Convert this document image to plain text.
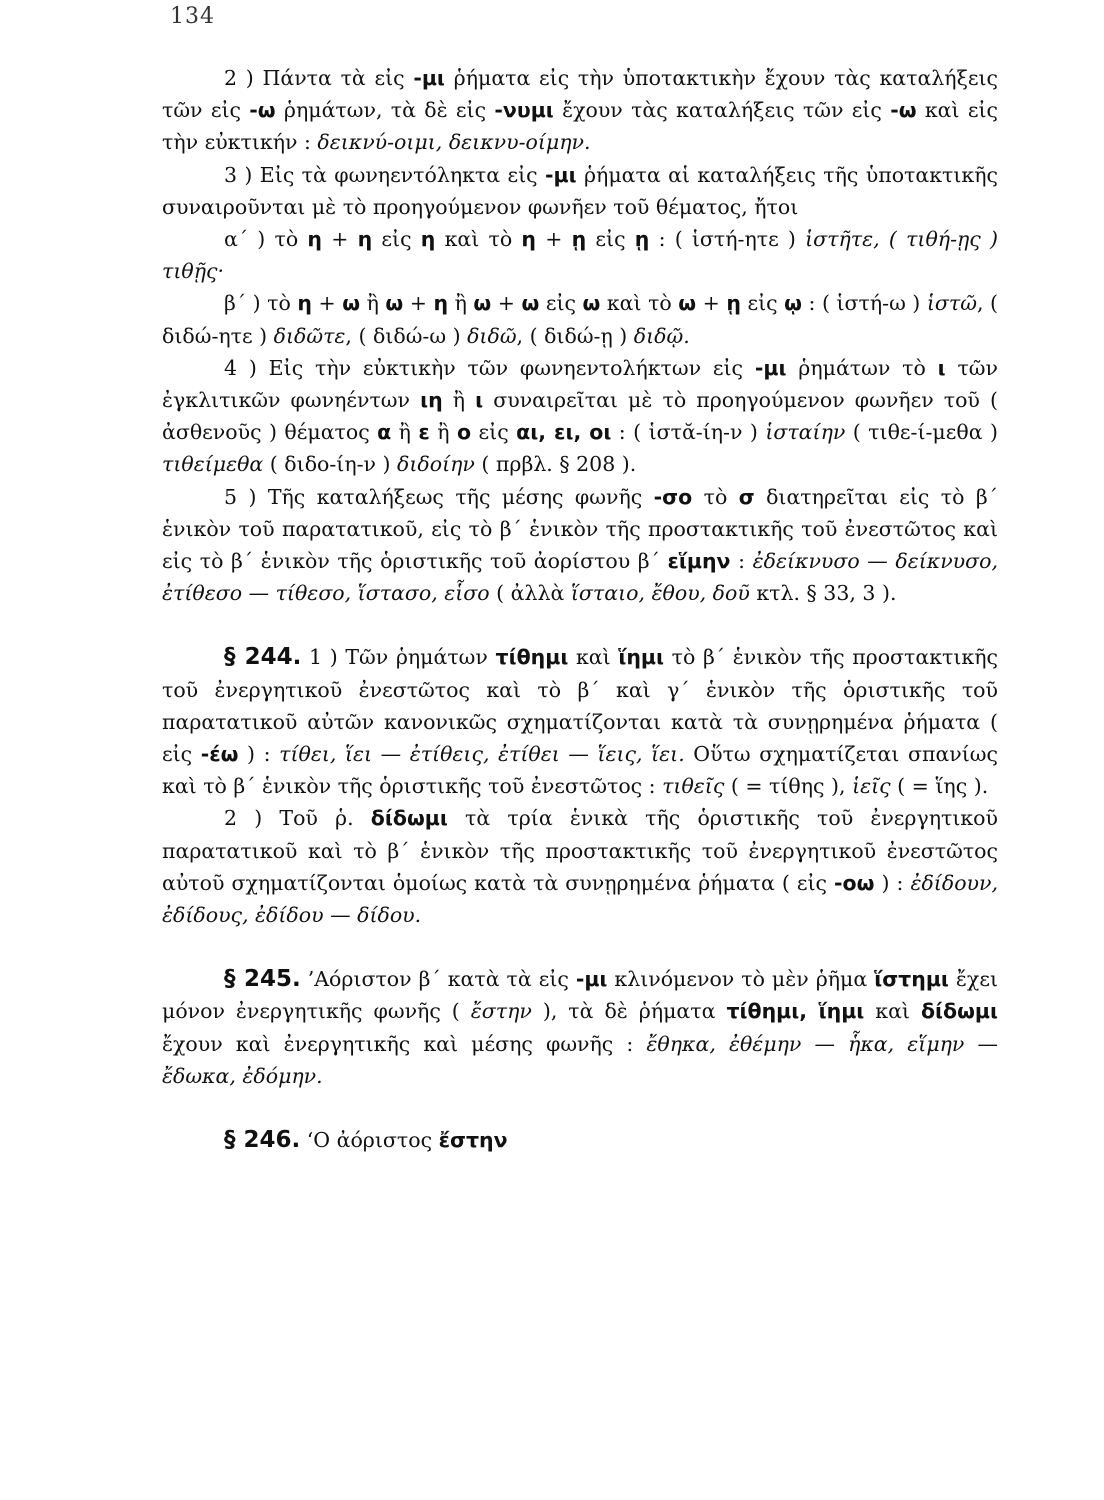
134
2 ) Πάντα τὰ εἰς -μι ῥήματα εἰς τὴν ὑποτακτικὴν ἔχουν τὰς καταλήξεις τῶν εἰς -ω ῥημάτων, τὰ δὲ εἰς -νυμι ἔχουν τὰς καταλήξεις τῶν εἰς -ω καὶ εἰς τὴν εὐκτικήν : δεικνύ-οιμι, δεικνυ-οίμην.
3 ) Εἰς τὰ φωνηεντόληκτα εἰς -μι ῥήματα αἱ καταλήξεις τῆς ὑποτακτικῆς συναιροῦνται μὲ τὸ προηγούμενον φωνῆεν τοῦ θέματος, ἤτοι
α΄ ) τὸ η + η εἰς η καὶ τὸ η + ῃ εἰς ῃ : ( ἱστή-ητε ) ἱστῆτε, ( τιθή-ῃς ) τιθῇς·
β΄ ) τὸ η + ω ἢ ω + η ἢ ω + ω εἰς ω καὶ τὸ ω + ῃ εἰς ῳ : ( ἱστή-ω ) ἱστῶ, ( διδώ-ητε ) διδῶτε, ( διδώ-ω ) διδῶ, ( διδώ-ῃ ) διδῷ.
4 ) Εἰς τὴν εὐκτικὴν τῶν φωνηεντολήκτων εἰς -μι ῥημάτων τὸ ι τῶν ἐγκλιτικῶν φωνηέντων ιη ἢ ι συναιρεῖται μὲ τὸ προηγούμενον φωνῆεν τοῦ ( ἀσθενοῦς ) θέματος α ἢ ε ἢ ο εἰς αι, ει, οι : ( ἱστᾰ-ίη-ν ) ἱσταίην ( τιθε-ί-μεθα ) τιθείμεθα ( διδο-ίη-ν ) διδοίην ( πρβλ. § 208 ).
5 ) Τῆς καταλήξεως τῆς μέσης φωνῆς -σο τὸ σ διατηρεῖται εἰς τὸ β΄ ἑνικὸν τοῦ παρατατικοῦ, εἰς τὸ β΄ ἑνικὸν τῆς προστακτικῆς τοῦ ἐνεστῶτος καὶ εἰς τὸ β΄ ἑνικὸν τῆς ὁριστικῆς τοῦ ἀορίστου β΄ εἵμην : ἐδείκνυσο — δείκνυσο, ἐτίθεσο — τίθεσο, ἵστασο, εἷσο ( ἀλλὰ ἵσταιο, ἔθου, δοῦ κτλ. § 33, 3 ).
§ 244. 1 ) Τῶν ῥημάτων τίθημι καὶ ἵημι τὸ β΄ ἑνικὸν τῆς προστακτικῆς τοῦ ἐνεργητικοῦ ἐνεστῶτος καὶ τὸ β΄ καὶ γ΄ ἑνικὸν τῆς ὁριστικῆς τοῦ παρατατικοῦ αὐτῶν κανονικῶς σχηματίζονται κατὰ τὰ συνῃρημένα ῥήματα ( εἰς -έω ) : τίθει, ἵει — ἐτίθεις, ἐτίθει — ἵεις, ἵει. Οὕτω σχηματίζεται σπανίως καὶ τὸ β΄ ἑνικὸν τῆς ὁριστικῆς τοῦ ἐνεστῶτος : τιθεῖς ( = τίθης ), ἱεῖς ( = ἵης ).
2 ) Τοῦ ῥ. δίδωμι τὰ τρία ἑνικὰ τῆς ὁριστικῆς τοῦ ἐνεργητικοῦ παρατατικοῦ καὶ τὸ β΄ ἑνικὸν τῆς προστακτικῆς τοῦ ἐνεργητικοῦ ἐνεστῶτος αὐτοῦ σχηματίζονται ὁμοίως κατὰ τὰ συνῃρημένα ῥήματα ( εἰς -οω ) : ἐδίδουν, ἐδίδους, ἐδίδου — δίδου.
§ 245. ’Αόριστον β΄ κατὰ τὰ εἰς -μι κλινόμενον τὸ μὲν ῥῆμα ἵστημι ἔχει μόνον ἐνεργητικῆς φωνῆς ( ἔστην ), τὰ δὲ ῥήματα τίθημι, ἵημι καὶ δίδωμι ἔχουν καὶ ἐνεργητικῆς καὶ μέσης φωνῆς : ἔθηκα, ἐθέμην — ἧκα, εἵμην — ἔδωκα, ἐδόμην.
§ 246. ‘Ο ἀόριστος ἔστην
